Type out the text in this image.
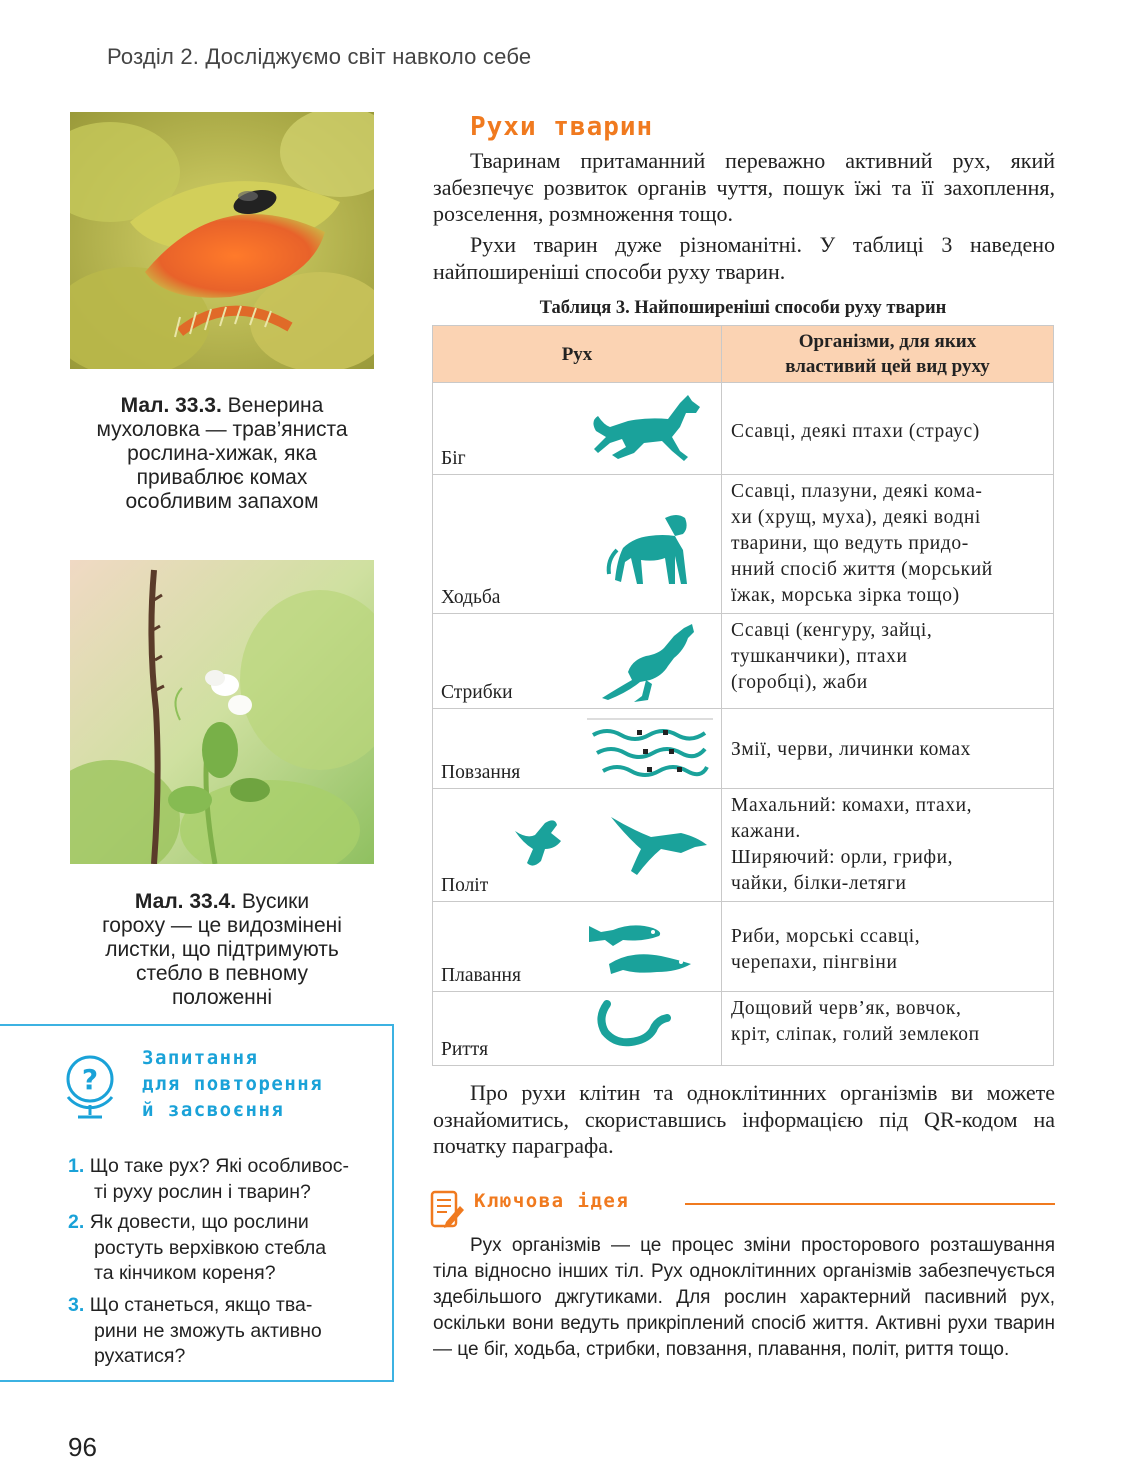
Розділ 2. Досліджуємо світ навколо себе
Мал. 33.3. Венерина
мухоловка — трав’яниста
рослина-хижак, яка
приваблює комах
особливим запахом
Мал. 33.4. Вусики
гороху — це видозмінені
листки, що підтримують
стебло в певному
положенні
?
Запитання
для повторення
й засвоєння
1. Що таке рух? Які особливос-
ті руху рослин і тварин?
2. Як довести, що рослини
ростуть верхівкою стебла
та кінчиком кореня?
3. Що станеться, якщо тва-
рини не зможуть активно
рухатися?
Рухи тварин
Тваринам притаманний переважно активний рух, який забезпечує розвиток органів чуття, пошук їжі та її захоплення, розселення, розмноження тощо.
Рухи тварин дуже різноманітні. У таблиці 3 наведено найпоширеніші способи руху тварин.
Таблиця 3. Найпоширеніші способи руху тварин
Рух	Організми, для яких
властивий цей вид руху

Біг	Ссавці, деякі птахи (страус)

Ходьба	Ссавці, плазуни, деякі кома-
хи (хрущ, муха), деякі водні
тварини, що ведуть придо-
нний спосіб життя (морський
їжак, морська зірка тощо)

Стрибки	Ссавці (кенгуру, зайці,
тушканчики), птахи
(горобці), жаби

Повзання	Змії, черви, личинки комах

Політ	Махальний: комахи, птахи,
кажани.
Ширяючий: орли, грифи,
чайки, білки-летяги

Плавання	Риби, морські ссавці,
черепахи, пінгвіни

Риття	Дощовий черв’як, вовчок,
кріт, сліпак, голий землекоп
Про рухи клітин та одноклітинних організмів ви можете ознайомитись, скориставшись інформацією під QR-кодом на початку параграфа.
Ключова ідея
Рух організмів — це процес зміни просторового розташування тіла відносно інших тіл. Рух одноклітинних організмів забезпечується здебільшого джгутиками. Для рослин характерний пасивний рух, оскільки вони ведуть прикріплений спосіб життя. Активні рухи тварин — це біг, ходьба, стрибки, повзання, плавання, політ, риття тощо.
96
